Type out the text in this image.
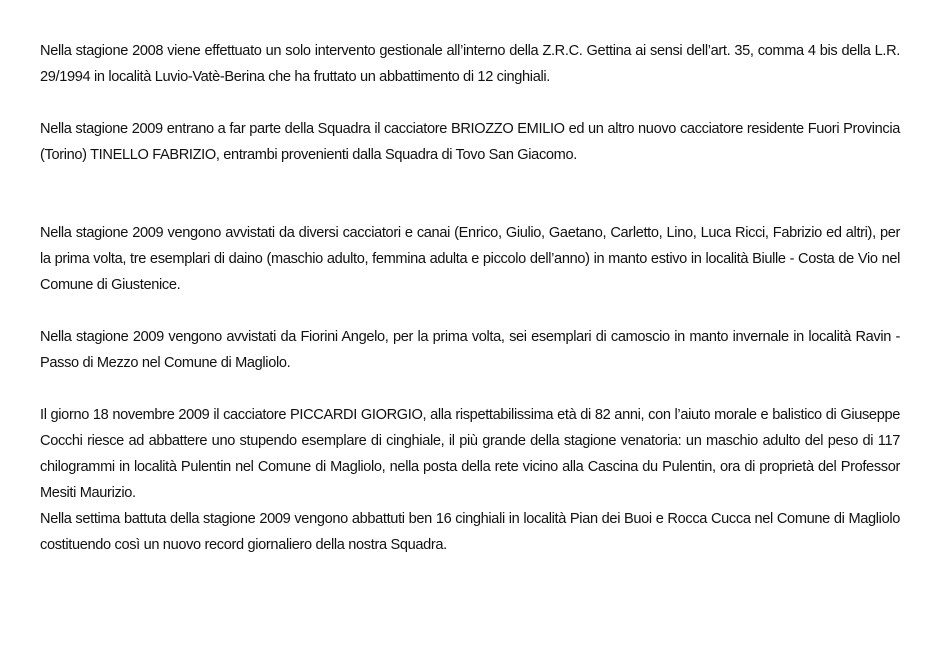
Nella stagione 2008 viene effettuato un solo intervento gestionale all’interno della Z.R.C. Gettina ai sensi dell’art. 35, comma 4 bis della L.R. 29/1994 in località Luvio-Vatè-Berina che ha fruttato un abbattimento di 12 cinghiali.

Nella stagione 2009 entrano a far parte della Squadra il cacciatore BRIOZZO EMILIO ed un altro nuovo cacciatore residente Fuori Provincia (Torino) TINELLO FABRIZIO, entrambi provenienti dalla Squadra di Tovo San Giacomo.

Nella stagione 2009 vengono avvistati da diversi cacciatori e canai (Enrico, Giulio, Gaetano, Carletto, Lino, Luca Ricci, Fabrizio ed altri), per la prima volta, tre esemplari di daino (maschio adulto, femmina adulta e piccolo dell’anno) in manto estivo in località Biulle - Costa de Vio nel Comune di Giustenice.

Nella stagione 2009 vengono avvistati da Fiorini Angelo, per la prima volta, sei esemplari di camoscio in manto invernale in località Ravin - Passo di Mezzo nel Comune di Magliolo.

Il giorno 18 novembre 2009 il cacciatore PICCARDI GIORGIO, alla rispettabilissima età di 82 anni, con l’aiuto morale e balistico di Giuseppe Cocchi riesce ad abbattere uno stupendo esemplare di cinghiale, il più grande della stagione venatoria: un maschio adulto del peso di 117 chilogrammi in località Pulentin nel Comune di Magliolo, nella posta della rete vicino alla Cascina du Pulentin, ora di proprietà del Professor Mesiti Maurizio.

Nella settima battuta della stagione 2009 vengono abbattuti ben 16 cinghiali in località Pian dei Buoi e Rocca Cucca nel Comune di Magliolo costituendo così un nuovo record giornaliero della nostra Squadra.
